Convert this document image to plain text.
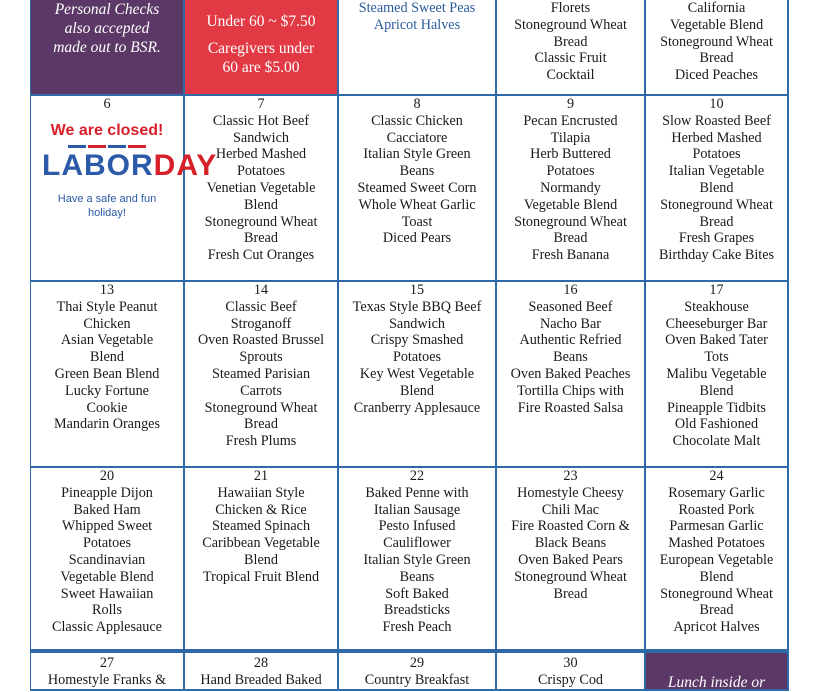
Personal Checks
also accepted
made out to BSR.
Under 60 ~ $7.50

Caregivers under
60 are $5.00
Steamed Sweet Peas
Apricot Halves
Florets
Stoneground Wheat
Bread
Classic Fruit
Cocktail
California
Vegetable Blend
Stoneground Wheat
Bread
Diced Peaches
6
We are closed!
LABORDAY
Have a safe and fun holiday!
7
Classic Hot Beef
Sandwich
Herbed Mashed
Potatoes
Venetian Vegetable
Blend
Stoneground Wheat
Bread
Fresh Cut Oranges
8
Classic Chicken
Cacciatore
Italian Style Green
Beans
Steamed Sweet Corn
Whole Wheat Garlic
Toast
Diced Pears
9
Pecan Encrusted
Tilapia
Herb Buttered
Potatoes
Normandy
Vegetable Blend
Stoneground Wheat
Bread
Fresh Banana
10
Slow Roasted Beef
Herbed Mashed
Potatoes
Italian Vegetable
Blend
Stoneground Wheat
Bread
Fresh Grapes
Birthday Cake Bites
13
Thai Style Peanut
Chicken
Asian Vegetable
Blend
Green Bean Blend
Lucky Fortune
Cookie
Mandarin Oranges
14
Classic Beef
Stroganoff
Oven Roasted Brussel
Sprouts
Steamed Parisian
Carrots
Stoneground Wheat
Bread
Fresh Plums
15
Texas Style BBQ Beef
Sandwich
Crispy Smashed
Potatoes
Key West Vegetable
Blend
Cranberry Applesauce
16
Seasoned Beef
Nacho Bar
Authentic Refried
Beans
Oven Baked Peaches
Tortilla Chips with
Fire Roasted Salsa
17
Steakhouse
Cheeseburger Bar
Oven Baked Tater
Tots
Malibu Vegetable
Blend
Pineapple Tidbits
Old Fashioned
Chocolate Malt
20
Pineapple Dijon
Baked Ham
Whipped Sweet
Potatoes
Scandinavian
Vegetable Blend
Sweet Hawaiian
Rolls
Classic Applesauce
21
Hawaiian Style
Chicken & Rice
Steamed Spinach
Caribbean Vegetable
Blend
Tropical Fruit Blend
22
Baked Penne with
Italian Sausage
Pesto Infused
Cauliflower
Italian Style Green
Beans
Soft Baked
Breadsticks
Fresh Peach
23
Homestyle Cheesy
Chili Mac
Fire Roasted Corn &
Black Beans
Oven Baked Pears
Stoneground Wheat
Bread
24
Rosemary Garlic
Roasted Pork
Parmesan Garlic
Mashed Potatoes
European Vegetable
Blend
Stoneground Wheat
Bread
Apricot Halves
27
Homestyle Franks &
28
Hand Breaded Baked
29
Country Breakfast
30
Crispy Cod	Lunch inside or
